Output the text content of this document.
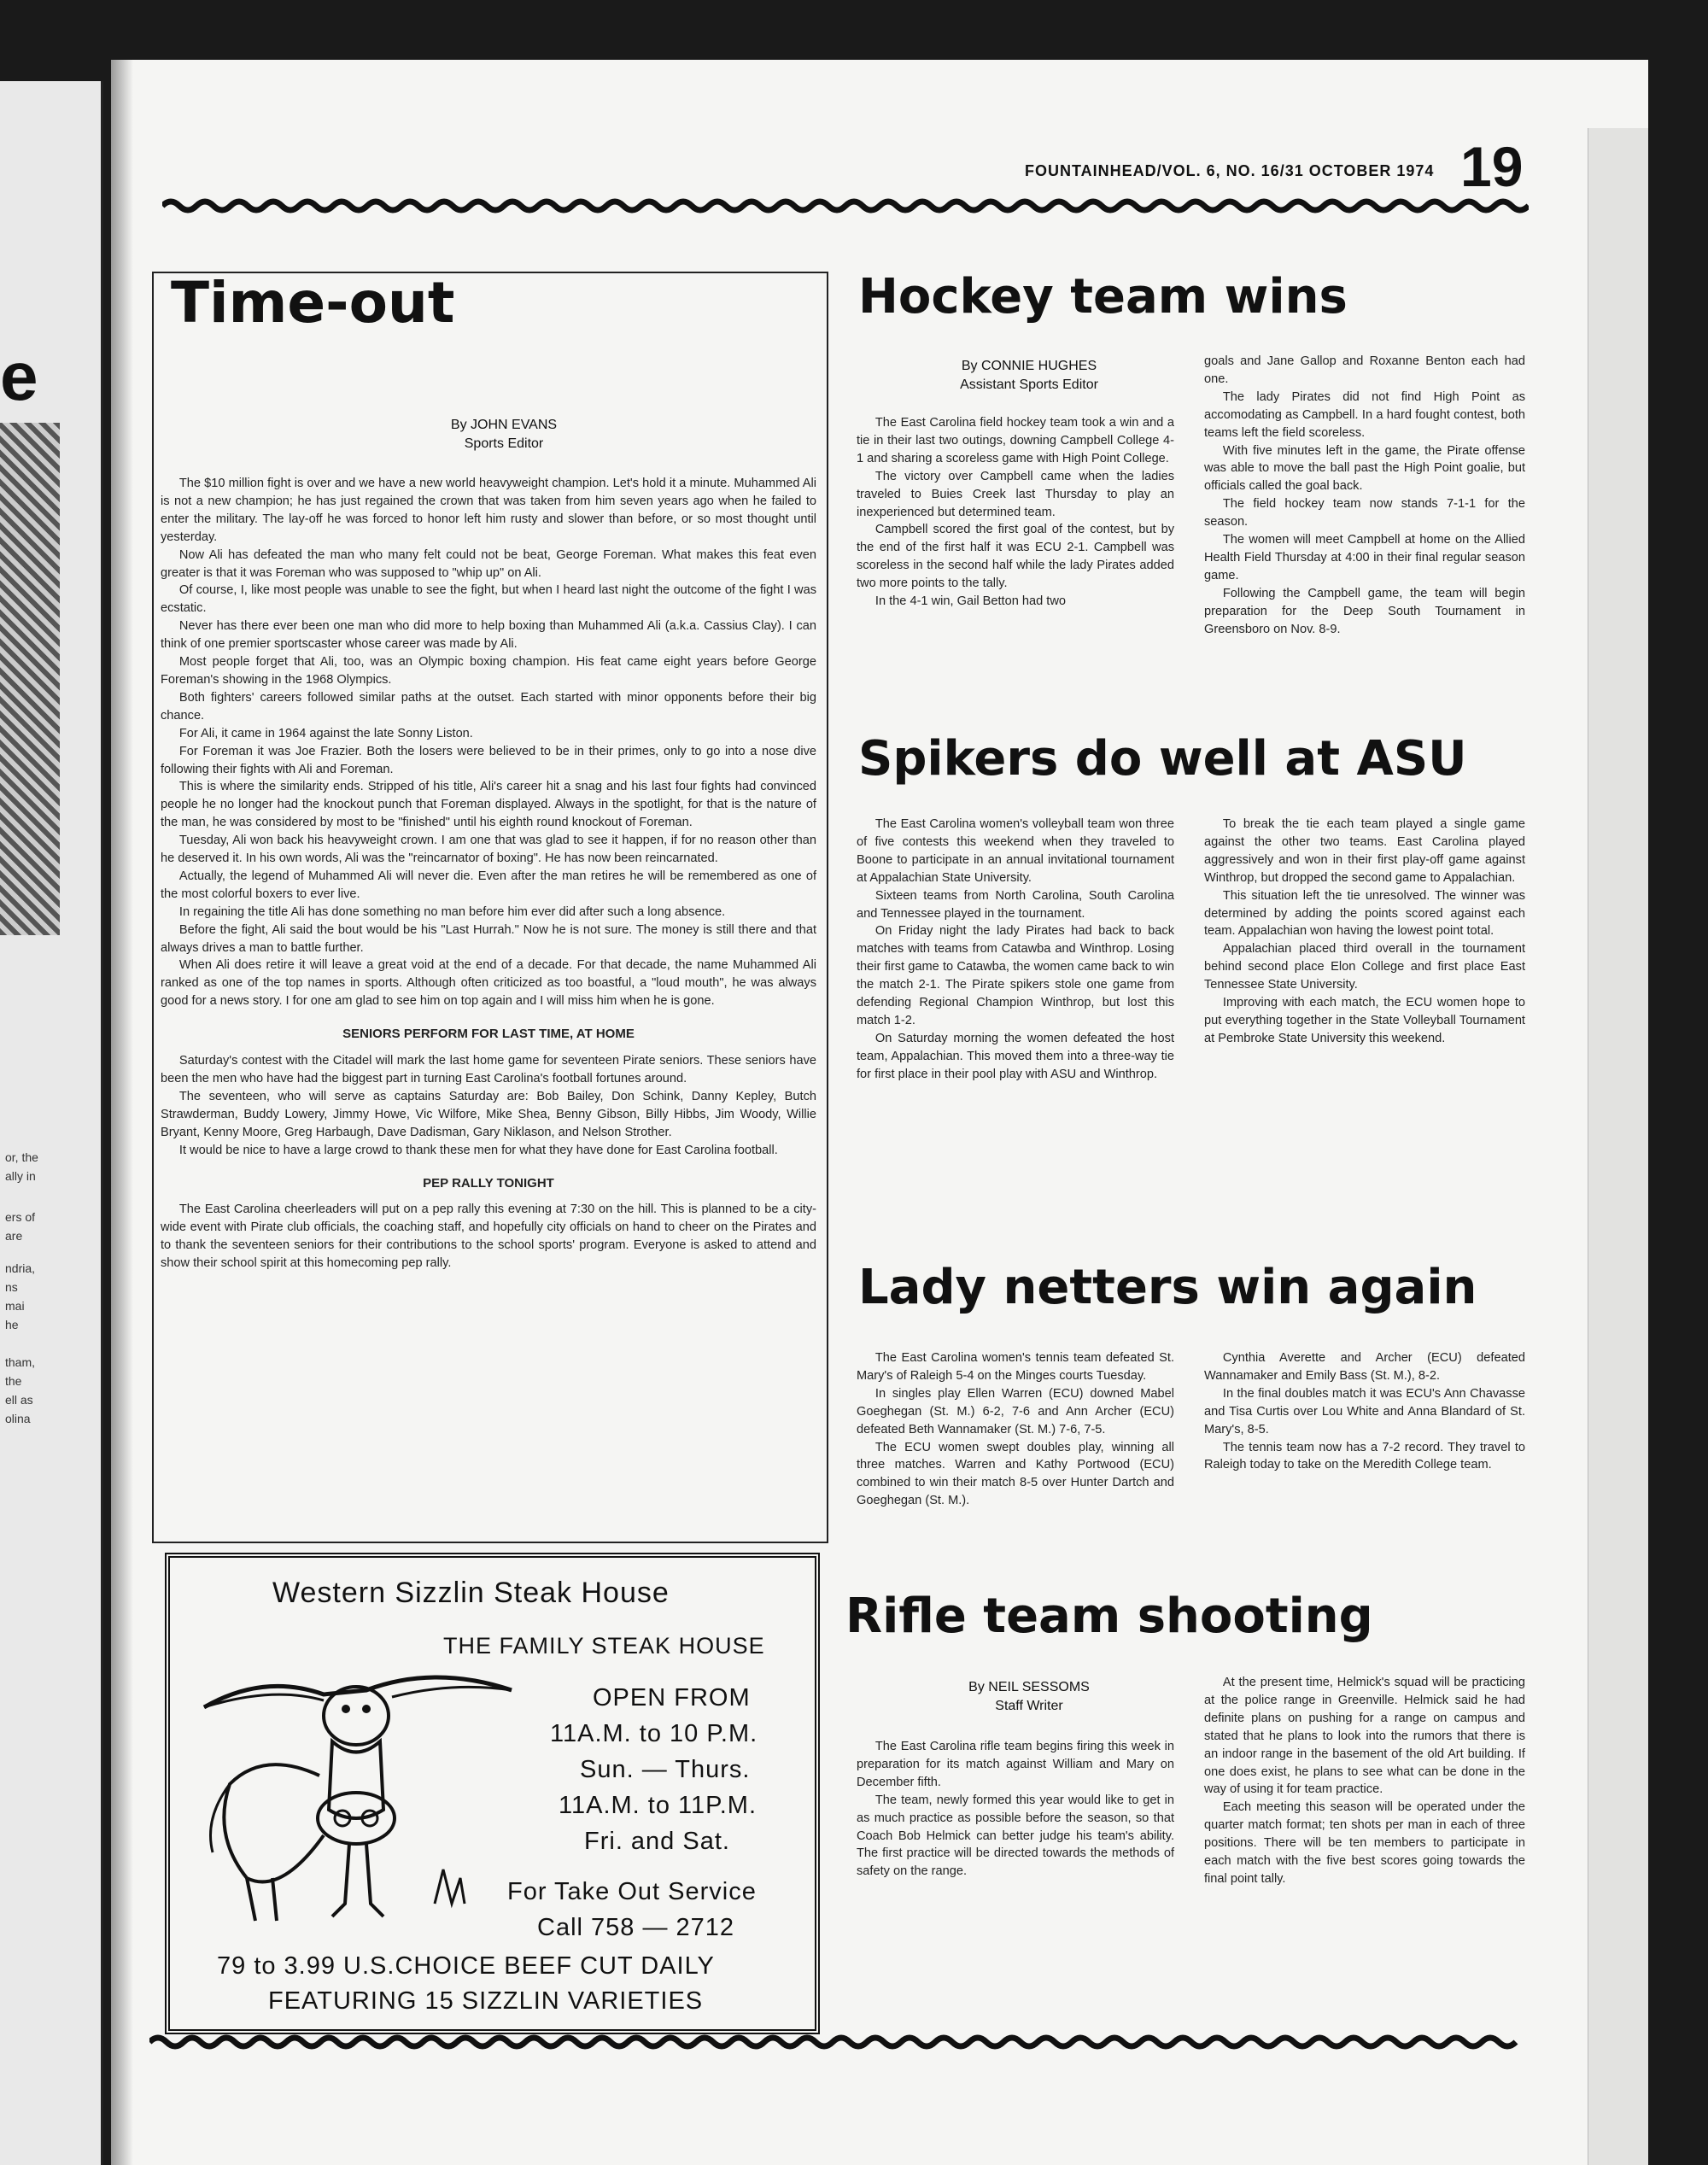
e
or, the
ally in
ers of
are
ndria,
ns
mai
he
tham,
the
ell as
olina
FOUNTAINHEAD/VOL. 6, NO. 16/31 OCTOBER 1974 19
Time-out
By JOHN EVANS
Sports Editor

The $10 million fight is over and we have a new world heavyweight champion. Let's hold it a minute. Muhammed Ali is not a new champion; he has just regained the crown that was taken from him seven years ago when he failed to enter the military. The lay-off he was forced to honor left him rusty and slower than before, or so most thought until yesterday.

Now Ali has defeated the man who many felt could not be beat, George Foreman. What makes this feat even greater is that it was Foreman who was supposed to "whip up" on Ali.

Of course, I, like most people was unable to see the fight, but when I heard last night the outcome of the fight I was ecstatic.

Never has there ever been one man who did more to help boxing than Muhammed Ali (a.k.a. Cassius Clay). I can think of one premier sportscaster whose career was made by Ali.

Most people forget that Ali, too, was an Olympic boxing champion. His feat came eight years before George Foreman's showing in the 1968 Olympics.

Both fighters' careers followed similar paths at the outset. Each started with minor opponents before their big chance.

For Ali, it came in 1964 against the late Sonny Liston.

For Foreman it was Joe Frazier. Both the losers were believed to be in their primes, only to go into a nose dive following their fights with Ali and Foreman.

This is where the similarity ends. Stripped of his title, Ali's career hit a snag and his last four fights had convinced people he no longer had the knockout punch that Foreman displayed. Always in the spotlight, for that is the nature of the man, he was considered by most to be "finished" until his eighth round knockout of Foreman.

Tuesday, Ali won back his heavyweight crown. I am one that was glad to see it happen, if for no reason other than he deserved it. In his own words, Ali was the "reincarnator of boxing". He has now been reincarnated.

Actually, the legend of Muhammed Ali will never die. Even after the man retires he will be remembered as one of the most colorful boxers to ever live.

In regaining the title Ali has done something no man before him ever did after such a long absence.

Before the fight, Ali said the bout would be his "Last Hurrah." Now he is not sure. The money is still there and that always drives a man to battle further.

When Ali does retire it will leave a great void at the end of a decade. For that decade, the name Muhammed Ali ranked as one of the top names in sports. Although often criticized as too boastful, a "loud mouth", he was always good for a news story. I for one am glad to see him on top again and I will miss him when he is gone.

SENIORS PERFORM FOR LAST TIME, AT HOME

Saturday's contest with the Citadel will mark the last home game for seventeen Pirate seniors. These seniors have been the men who have had the biggest part in turning East Carolina's football fortunes around.

The seventeen, who will serve as captains Saturday are: Bob Bailey, Don Schink, Danny Kepley, Butch Strawderman, Buddy Lowery, Jimmy Howe, Vic Wilfore, Mike Shea, Benny Gibson, Billy Hibbs, Jim Woody, Willie Bryant, Kenny Moore, Greg Harbaugh, Dave Dadisman, Gary Niklason, and Nelson Strother.

It would be nice to have a large crowd to thank these men for what they have done for East Carolina football.

PEP RALLY TONIGHT

The East Carolina cheerleaders will put on a pep rally this evening at 7:30 on the hill. This is planned to be a city-wide event with Pirate club officials, the coaching staff, and hopefully city officials on hand to cheer on the Pirates and to thank the seventeen seniors for their contributions to the school sports' program. Everyone is asked to attend and show their school spirit at this homecoming pep rally.

Hockey team wins
By CONNIE HUGHES
Assistant Sports Editor

The East Carolina field hockey team took a win and a tie in their last two outings, downing Campbell College 4-1 and sharing a scoreless game with High Point College.

The victory over Campbell came when the ladies traveled to Buies Creek last Thursday to play an inexperienced but determined team.

Campbell scored the first goal of the contest, but by the end of the first half it was ECU 2-1. Campbell was scoreless in the second half while the lady Pirates added two more points to the tally.

In the 4-1 win, Gail Betton had two

goals and Jane Gallop and Roxanne Benton each had one.

The lady Pirates did not find High Point as accomodating as Campbell. In a hard fought contest, both teams left the field scoreless.

With five minutes left in the game, the Pirate offense was able to move the ball past the High Point goalie, but officials called the goal back.

The field hockey team now stands 7-1-1 for the season.

The women will meet Campbell at home on the Allied Health Field Thursday at 4:00 in their final regular season game.

Following the Campbell game, the team will begin preparation for the Deep South Tournament in Greensboro on Nov. 8-9.

Spikers do well at ASU

The East Carolina women's volleyball team won three of five contests this weekend when they traveled to Boone to participate in an annual invitational tournament at Appalachian State University.

Sixteen teams from North Carolina, South Carolina and Tennessee played in the tournament.

On Friday night the lady Pirates had back to back matches with teams from Catawba and Winthrop. Losing their first game to Catawba, the women came back to win the match 2-1. The Pirate spikers stole one game from defending Regional Champion Winthrop, but lost this match 1-2.

On Saturday morning the women defeated the host team, Appalachian. This moved them into a three-way tie for first place in their pool play with ASU and Winthrop.

To break the tie each team played a single game against the other two teams. East Carolina played aggressively and won in their first play-off game against Winthrop, but dropped the second game to Appalachian.

This situation left the tie unresolved. The winner was determined by adding the points scored against each team. Appalachian won having the lowest point total.

Appalachian placed third overall in the tournament behind second place Elon College and first place East Tennessee State University.

Improving with each match, the ECU women hope to put everything together in the State Volleyball Tournament at Pembroke State University this weekend.

Lady netters win again

The East Carolina women's tennis team defeated St. Mary's of Raleigh 5-4 on the Minges courts Tuesday.

In singles play Ellen Warren (ECU) downed Mabel Goeghegan (St. M.) 6-2, 7-6 and Ann Archer (ECU) defeated Beth Wannamaker (St. M.) 7-6, 7-5.

The ECU women swept doubles play, winning all three matches. Warren and Kathy Portwood (ECU) combined to win their match 8-5 over Hunter Dartch and Goeghegan (St. M.).

Cynthia Averette and Archer (ECU) defeated Wannamaker and Emily Bass (St. M.), 8-2.

In the final doubles match it was ECU's Ann Chavasse and Tisa Curtis over Lou White and Anna Blandard of St. Mary's, 8-5.

The tennis team now has a 7-2 record. They travel to Raleigh today to take on the Meredith College team.

Rifle team shooting
By NEIL SESSOMS
Staff Writer

The East Carolina rifle team begins firing this week in preparation for its match against William and Mary on December fifth.

The team, newly formed this year would like to get in as much practice as possible before the season, so that Coach Bob Helmick can better judge his team's ability. The first practice will be directed towards the methods of safety on the range.

At the present time, Helmick's squad will be practicing at the police range in Greenville. Helmick said he had definite plans on pushing for a range on campus and stated that he plans to look into the rumors that there is an indoor range in the basement of the old Art building. If one does exist, he plans to see what can be done in the way of using it for team practice.

Each meeting this season will be operated under the quarter match format; ten shots per man in each of three positions. There will be ten members to participate in each match with the five best scores going towards the final point tally.

Western Sizzlin Steak House
THE FAMILY STEAK HOUSE
OPEN FROM
11A.M. to 10 P.M.
Sun. — Thurs.
11A.M. to 11P.M.
Fri. and Sat.
For Take Out Service
Call 758 — 2712
79 to 3.99 U.S.CHOICE BEEF CUT DAILY
FEATURING 15 SIZZLIN VARIETIES
